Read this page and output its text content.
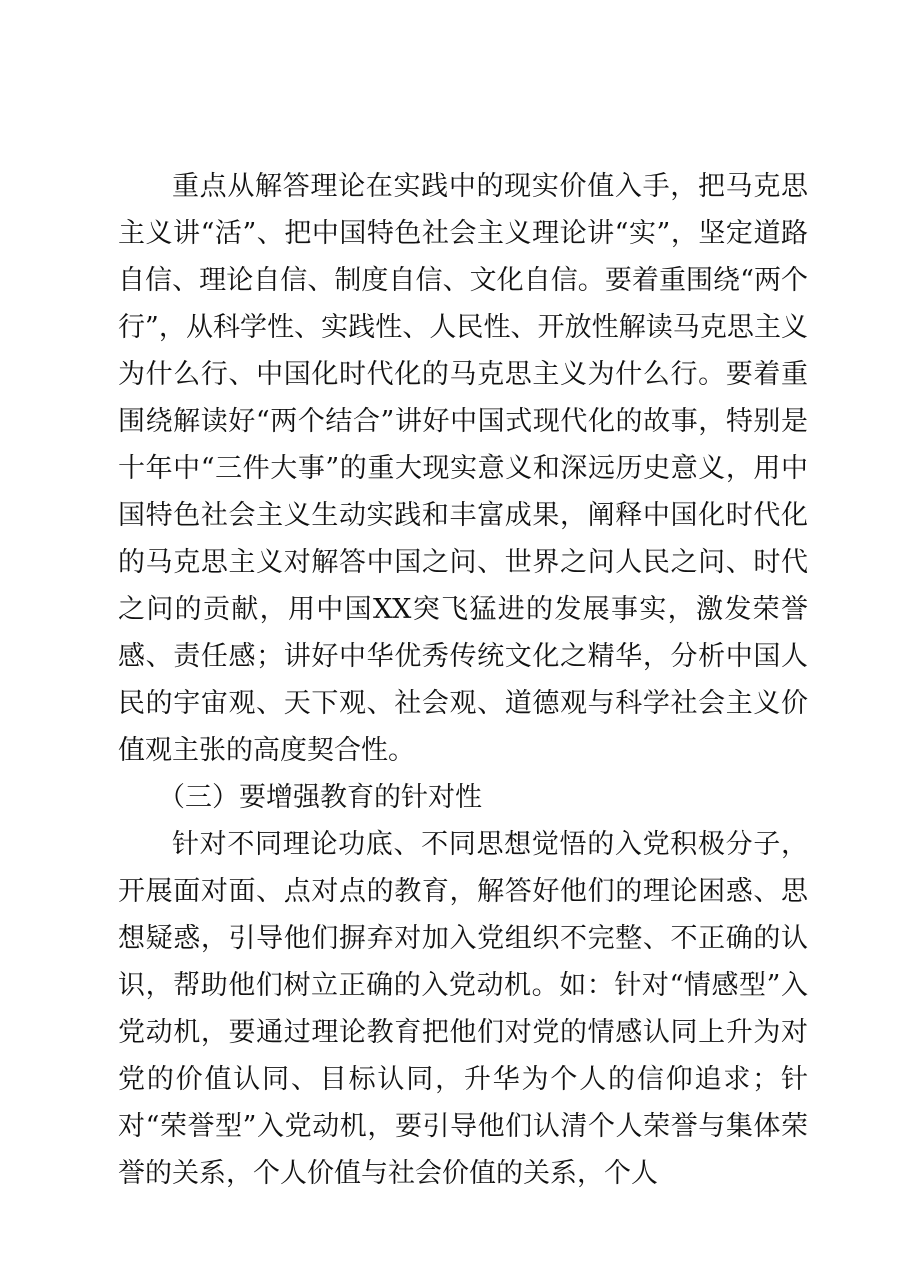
重点从解答理论在实践中的现实价值入手，把马克思主义讲“活”、把中国特色社会主义理论讲“实”，坚定道路自信、理论自信、制度自信、文化自信。要着重围绕“两个行”，从科学性、实践性、人民性、开放性解读马克思主义为什么行、中国化时代化的马克思主义为什么行。要着重围绕解读好“两个结合”讲好中国式现代化的故事，特别是十年中“三件大事”的重大现实意义和深远历史意义，用中国特色社会主义生动实践和丰富成果，阐释中国化时代化的马克思主义对解答中国之问、世界之问人民之问、时代之问的贡献，用中国XX突飞猛进的发展事实，激发荣誉感、责任感；讲好中华优秀传统文化之精华，分析中国人民的宇宙观、天下观、社会观、道德观与科学社会主义价值观主张的高度契合性。

（三）要增强教育的针对性

针对不同理论功底、不同思想觉悟的入党积极分子，开展面对面、点对点的教育，解答好他们的理论困惑、思想疑惑，引导他们摒弃对加入党组织不完整、不正确的认识，帮助他们树立正确的入党动机。如：针对“情感型”入党动机，要通过理论教育把他们对党的情感认同上升为对党的价值认同、目标认同，升华为个人的信仰追求；针对“荣誉型”入党动机，要引导他们认清个人荣誉与集体荣誉的关系，个人价值与社会价值的关系，个人
